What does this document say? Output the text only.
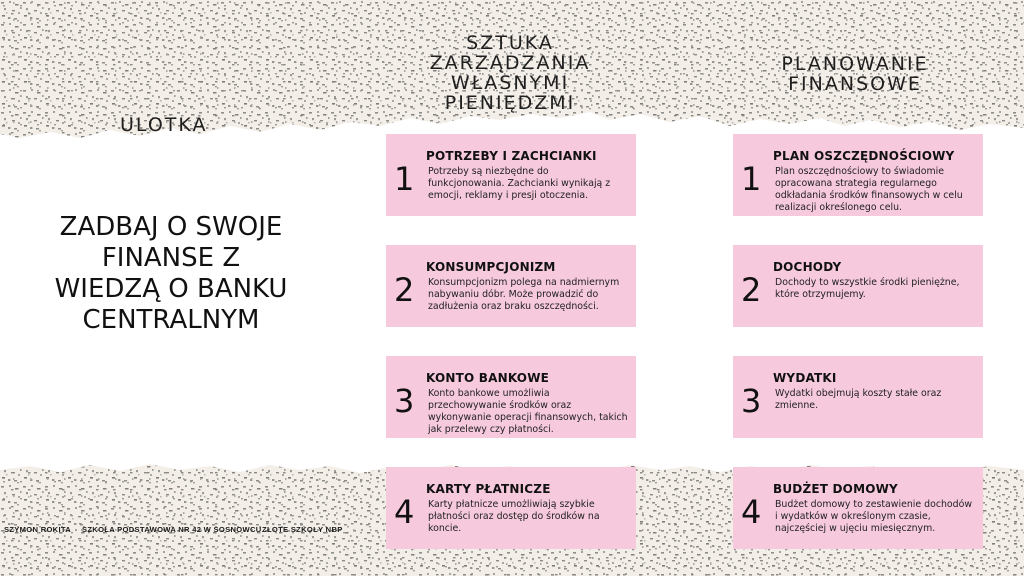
ULOTKA
ZADBAJ O SWOJE
FINANSE Z
WIEDZĄ O BANKU
CENTRALNYM
SZTUKA
ZARZĄDZANIA
WŁASNYMI
PIENIĘDZMI
PLANOWANIE
FINANSOWE
1
POTRZEBY I ZACHCIANKI
Potrzeby są niezbędne do funkcjonowania. Zachcianki wynikają z emocji, reklamy i presji otoczenia.
2
KONSUMPCJONIZM
Konsumpcjonizm polega na nadmiernym nabywaniu dóbr. Może prowadzić do zadłużenia oraz braku oszczędności.
3
KONTO BANKOWE
Konto bankowe umożliwia przechowywanie środków oraz wykonywanie operacji finansowych, takich jak przelewy czy płatności.
4
KARTY PŁATNICZE
Karty płatnicze umożliwiają szybkie płatności oraz dostęp do środków na koncie.
1
PLAN OSZCZĘDNOŚCIOWY
Plan oszczędnościowy to świadomie opracowana strategia regularnego odkładania środków finansowych w celu realizacji określonego celu.
2
DOCHODY
Dochody to wszystkie środki pieniężne, które otrzymujemy.
3
WYDATKI
Wydatki obejmują koszty stałe oraz zmienne.
4
BUDŻET DOMOWY
Budżet domowy to zestawienie dochodów i wydatków w określonym czasie, najczęściej w ujęciu miesięcznym.
SZYMON ROKITA SZKOŁA PODSTAWOWA NR 42 W SOSNOWCU ZŁOTE SZKOŁY NBP
